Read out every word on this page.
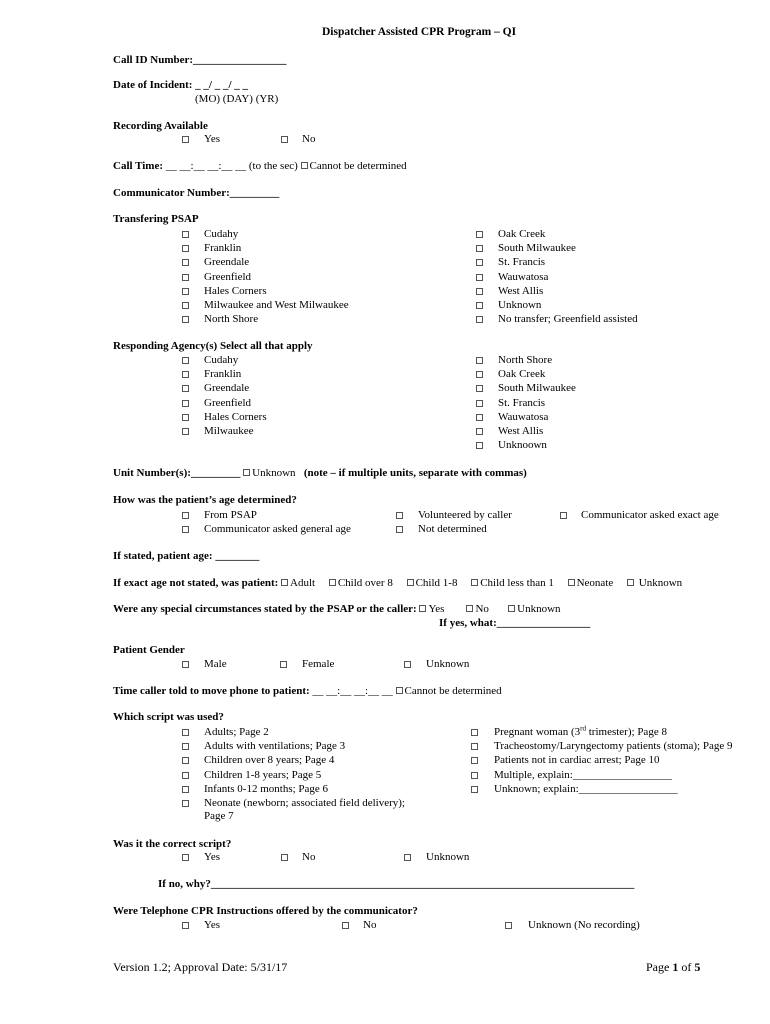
Dispatcher Assisted CPR Program – QI
Call ID Number:_________________
Date of Incident: _ _/ _ _/ _ _
(MO) (DAY) (YR)
Recording Available
Yes	No
Call Time: __ __:__ __:__ __ (to the sec) Cannot be determined
Communicator Number:_________
Transfering PSAP
Cudahy
Franklin
Greendale
Greenfield
Hales Corners
Milwaukee and West Milwaukee
North Shore
Oak Creek
South Milwaukee
St. Francis
Wauwatosa
West Allis
Unknown
No transfer; Greenfield assisted
Responding Agency(s) Select all that apply
Cudahy
Franklin
Greendale
Greenfield
Hales Corners
Milwaukee
North Shore
Oak Creek
South Milwaukee
St. Francis
Wauwatosa
West Allis
Unknoown
Unit Number(s):_________ Unknown (note – if multiple units, separate with commas)
How was the patient’s age determined?
From PSAP	Volunteered by caller	Communicator asked exact age
Communicator asked general age	Not determined
If stated, patient age: ________
If exact age not stated, was patient: Adult Child over 8 Child 1-8 Child less than 1 Neonate      Unknown
Were any special circumstances stated by the PSAP or the caller: Yes	No	Unknown
If yes, what:_________________
Patient Gender
Male	Female	Unknown
Time caller told to move phone to patient: __ __:__ __:__ __ Cannot be determined
Which script was used?
Adults; Page 2
Adults with ventilations; Page 3
Children over 8 years; Page 4
Children 1-8 years; Page 5
Infants 0-12 months; Page 6
Neonate (newborn; associated field delivery);
Page 7
Pregnant woman (3rd trimester); Page 8
Tracheostomy/Laryngectomy patients (stoma); Page 9
Patients not in cardiac arrest; Page 10
Multiple, explain:__________________
Unknown; explain:__________________
Was it the correct script?
Yes	No	Unknown
If no, why?_____________________________________________________________________________
Were Telephone CPR Instructions offered by the communicator?
Yes	No	Unknown (No recording)
Version 1.2; Approval Date: 5/31/17	Page 1 of 5
